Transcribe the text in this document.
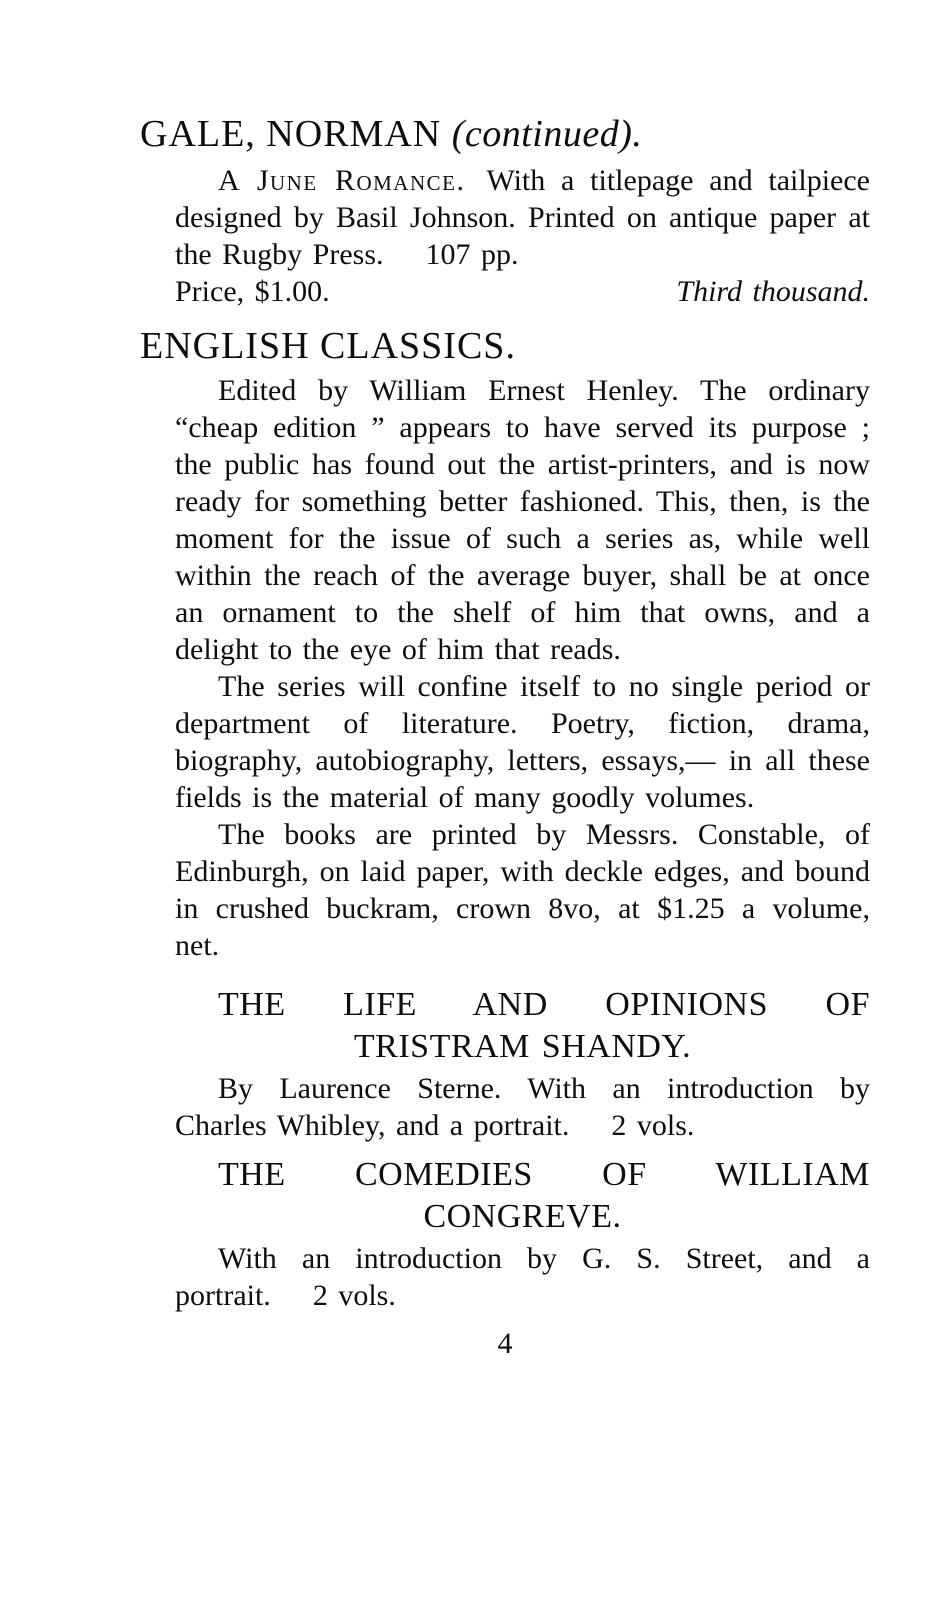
GALE, NORMAN (continued).

A June Romance. With a titlepage and tailpiece designed by Basil Johnson. Printed on antique paper at the Rugby Press. 107 pp.

Price, $1.00.	Third thousand.
ENGLISH CLASSICS.

Edited by William Ernest Henley. The ordinary “cheap edition ” appears to have served its purpose ; the public has found out the artist-printers, and is now ready for something better fashioned. This, then, is the moment for the issue of such a series as, while well within the reach of the average buyer, shall be at once an ornament to the shelf of him that owns, and a delight to the eye of him that reads.

The series will confine itself to no single period or department of literature. Poetry, fiction, drama, biography, autobiography, letters, essays,— in all these fields is the material of many goodly volumes.

The books are printed by Messrs. Constable, of Edinburgh, on laid paper, with deckle edges, and bound in crushed buckram, crown 8vo, at $1.25 a volume, net.

THE LIFE AND OPINIONS OF
TRISTRAM SHANDY.

By Laurence Sterne. With an introduction by Charles Whibley, and a portrait. 2 vols.

THE COMEDIES OF WILLIAM
CONGREVE.

With an introduction by G. S. Street, and a portrait. 2 vols.

4
